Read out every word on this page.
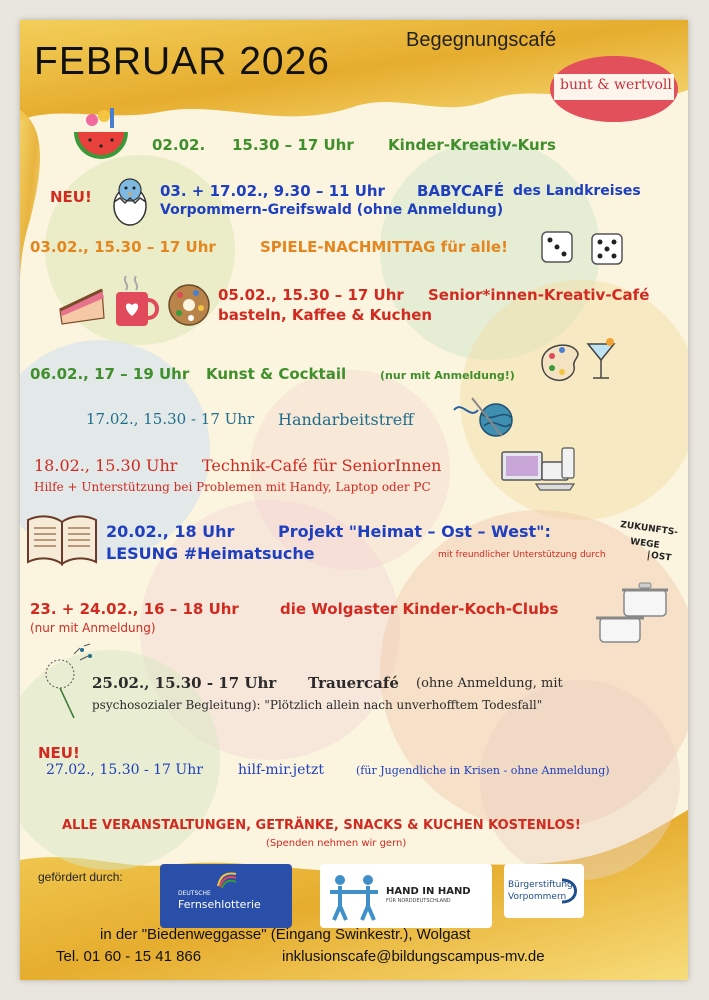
FEBRUAR 2026	Begegnungscafé
bunt & wertvoll
02.02. 15.30 – 17 Uhr Kinder-Kreativ-Kurs
NEU!	03. + 17.02., 9.30 – 11 Uhr BABYCAFÉ des Landkreises
Vorpommern-Greifswald (ohne Anmeldung)
03.02., 15.30 – 17 Uhr	SPIELE-NACHMITTAG für alle!
05.02., 15.30 – 17 Uhr Senior*innen-Kreativ-Café
basteln, Kaffee & Kuchen
06.02., 17 – 19 Uhr Kunst & Cocktail	(nur mit Anmeldung!)
17.02., 15.30 - 17 Uhr Handarbeitstreff
18.02., 15.30 Uhr Technik-Café für SeniorInnen
Hilfe + Unterstützung bei Problemen mit Handy, Laptop oder PC
20.02., 18 Uhr	Projekt "Heimat – Ost – West":
LESUNG #Heimatsuche	mit freundlicher Unterstützung durch
ZUKUNFTS-
WEGE
OST
23. + 24.02., 16 – 18 Uhr	die Wolgaster Kinder-Koch-Clubs
(nur mit Anmeldung)
25.02., 15.30 - 17 Uhr Trauercafé (ohne Anmeldung, mit
psychosozialer Begleitung): "Plötzlich allein nach unverhofftem Todesfall"
NEU!
27.02., 15.30 - 17 Uhr	hilf-mir.jetzt	(für Jugendliche in Krisen - ohne Anmeldung)
ALLE VERANSTALTUNGEN, GETRÄNKE, SNACKS & KUCHEN KOSTENLOS!
(Spenden nehmen wir gern)
gefördert durch:
DEUTSCHE
Fernsehlotterie
HAND IN HAND
FÜR NORDDEUTSCHLAND
Bürgerstiftung
Vorpommern
in der "Biedenweggasse" (Eingang Swinkestr.), Wolgast
Tel. 01 60 - 15 41 866	inklusionscafe@bildungscampus-mv.de
